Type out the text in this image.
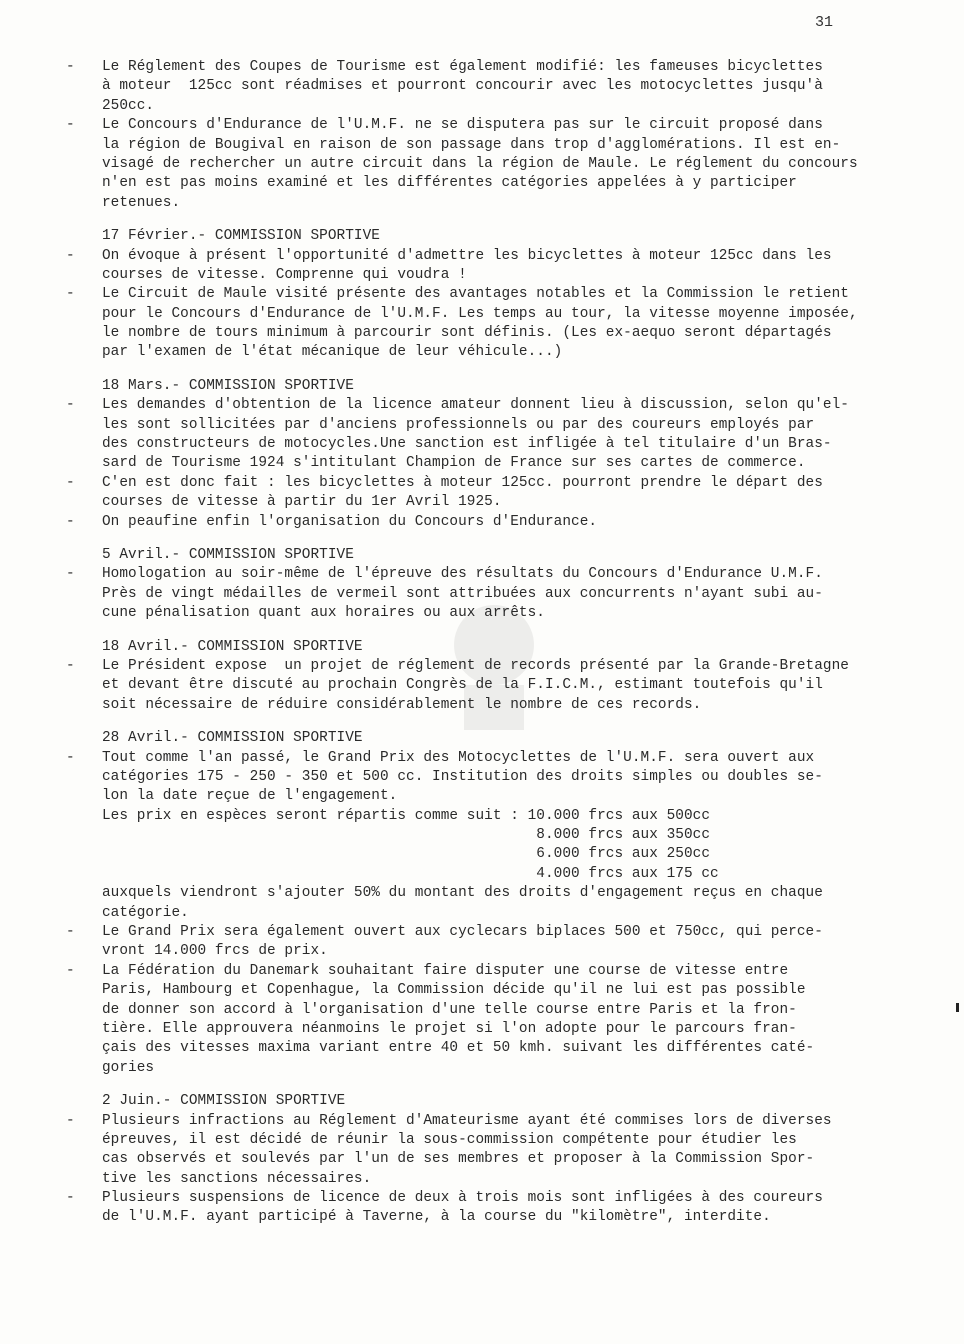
31
- Le Réglement des Coupes de Tourisme est également modifié: les fameuses bicyclettes
à moteur  125cc sont réadmises et pourront concourir avec les motocyclettes jusqu'à
250cc.
- Le Concours d'Endurance de l'U.M.F. ne se disputera pas sur le circuit proposé dans
la région de Bougival en raison de son passage dans trop d'agglomérations. Il est en-
visagé de rechercher un autre circuit dans la région de Maule. Le réglement du concours
n'en est pas moins examiné et les différentes catégories appelées à y participer
retenues.
17 Février.- COMMISSION SPORTIVE
- On évoque à présent l'opportunité d'admettre les bicyclettes à moteur 125cc dans les
courses de vitesse. Comprenne qui voudra !
- Le Circuit de Maule visité présente des avantages notables et la Commission le retient
pour le Concours d'Endurance de l'U.M.F. Les temps au tour, la vitesse moyenne imposée,
le nombre de tours minimum à parcourir sont définis. (Les ex-aequo seront départagés
par l'examen de l'état mécanique de leur véhicule...)
18 Mars.- COMMISSION SPORTIVE
- Les demandes d'obtention de la licence amateur donnent lieu à discussion, selon qu'el-
les sont sollicitées par d'anciens professionnels ou par des coureurs employés par
des constructeurs de motocycles.Une sanction est infligée à tel titulaire d'un Bras-
sard de Tourisme 1924 s'intitulant Champion de France sur ses cartes de commerce.
- C'en est donc fait : les bicyclettes à moteur 125cc. pourront prendre le départ des
courses de vitesse à partir du 1er Avril 1925.
- On peaufine enfin l'organisation du Concours d'Endurance.
5 Avril.- COMMISSION SPORTIVE
- Homologation au soir-même de l'épreuve des résultats du Concours d'Endurance U.M.F.
Près de vingt médailles de vermeil sont attribuées aux concurrents n'ayant subi au-
cune pénalisation quant aux horaires ou aux arrêts.
18 Avril.- COMMISSION SPORTIVE
- Le Président expose  un projet de réglement de records présenté par la Grande-Bretagne
et devant être discuté au prochain Congrès de la F.I.C.M., estimant toutefois qu'il
soit nécessaire de réduire considérablement le nombre de ces records.
28 Avril.- COMMISSION SPORTIVE
- Tout comme l'an passé, le Grand Prix des Motocyclettes de l'U.M.F. sera ouvert aux
catégories 175 - 250 - 350 et 500 cc. Institution des droits simples ou doubles se-
lon la date reçue de l'engagement.
Les prix en espèces seront répartis comme suit : 10.000 frcs aux 500cc
8.000 frcs aux 350cc
6.000 frcs aux 250cc
4.000 frcs aux 175 cc
auxquels viendront s'ajouter 50% du montant des droits d'engagement reçus en chaque
catégorie.
- Le Grand Prix sera également ouvert aux cyclecars biplaces 500 et 750cc, qui perce-
vront 14.000 frcs de prix.
- La Fédération du Danemark souhaitant faire disputer une course de vitesse entre
Paris, Hambourg et Copenhague, la Commission décide qu'il ne lui est pas possible
de donner son accord à l'organisation d'une telle course entre Paris et la fron-
tière. Elle approuvera néanmoins le projet si l'on adopte pour le parcours fran-
çais des vitesses maxima variant entre 40 et 50 kmh. suivant les différentes caté-
gories
2 Juin.- COMMISSION SPORTIVE
- Plusieurs infractions au Réglement d'Amateurisme ayant été commises lors de diverses
épreuves, il est décidé de réunir la sous-commission compétente pour étudier les
cas observés et soulevés par l'un de ses membres et proposer à la Commission Spor-
tive les sanctions nécessaires.
- Plusieurs suspensions de licence de deux à trois mois sont infligées à des coureurs
de l'U.M.F. ayant participé à Taverne, à la course du "kilomètre", interdite.
